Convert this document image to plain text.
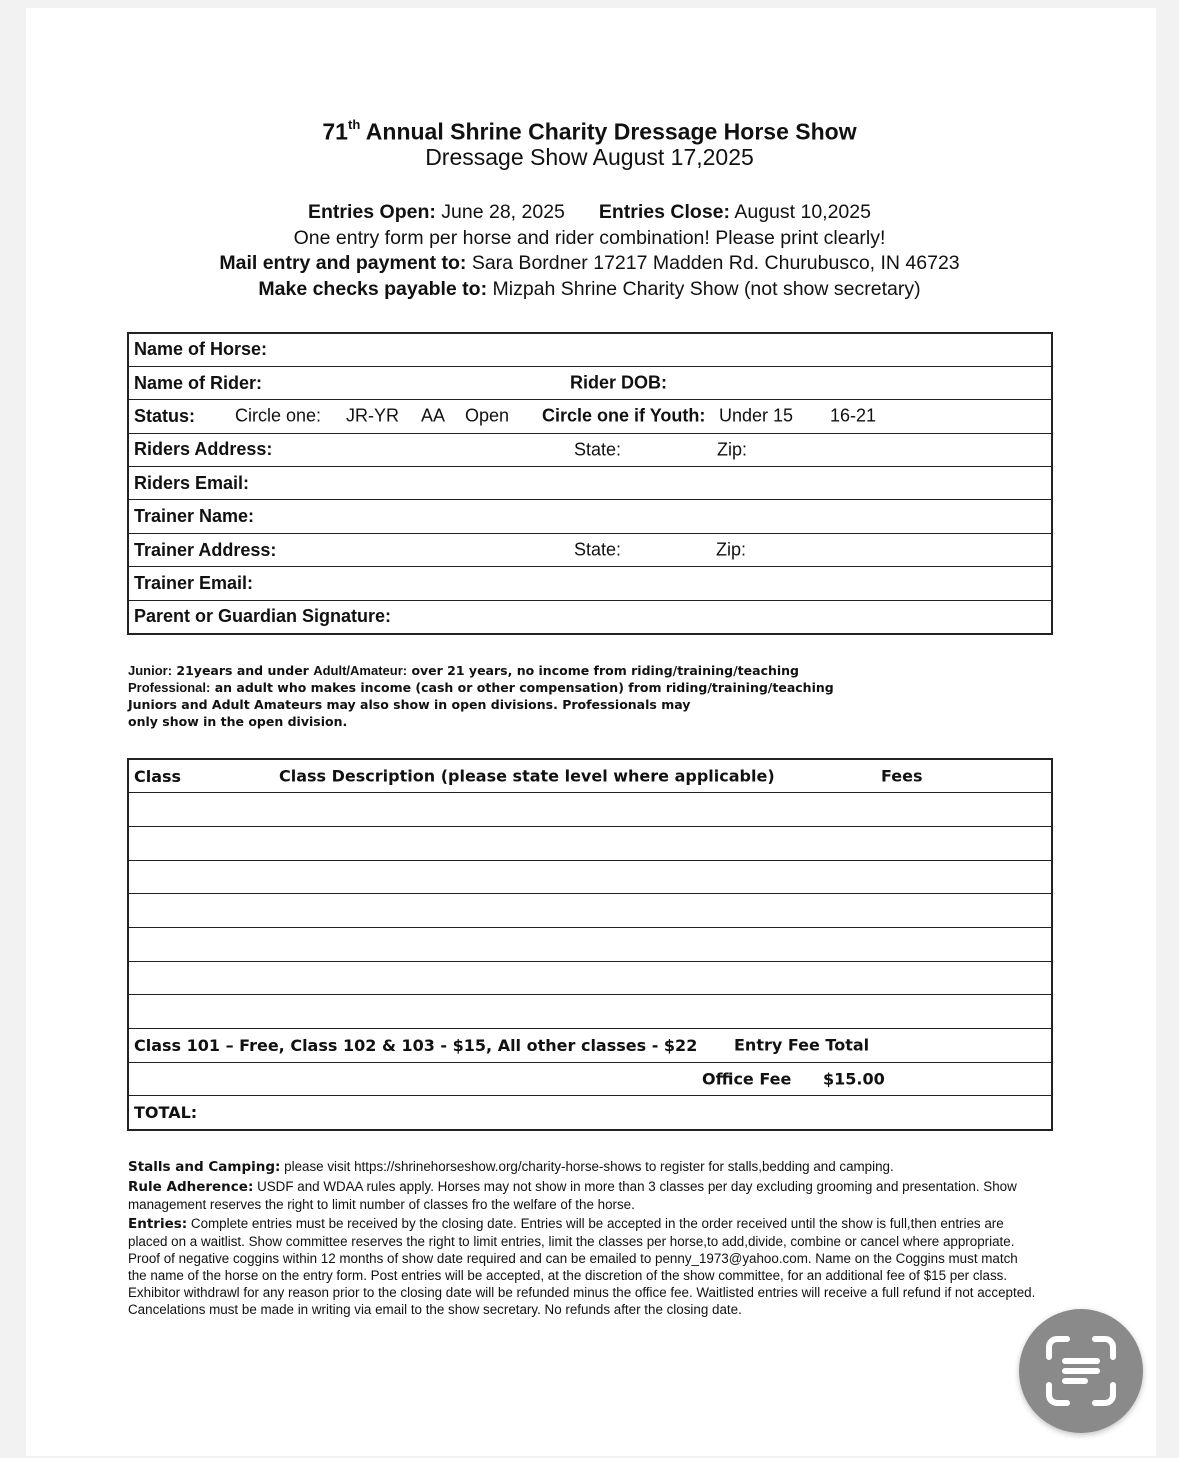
71th Annual Shrine Charity Dressage Horse Show
Dressage Show August 17,2025
Entries Open: June 28, 2025 Entries Close: August 10,2025
One entry form per horse and rider combination! Please print clearly!
Mail entry and payment to: Sara Bordner 17217 Madden Rd. Churubusco, IN 46723
Make checks payable to: Mizpah Shrine Charity Show (not show secretary)
Name of Horse:
Name of Rider:	Rider DOB:

Status: Circle one: JR-YR AA Open Circle one if Youth: Under 15 16-21

Riders Address:	State:	Zip:

Riders Email:
Trainer Name:
Trainer Address:	State:	Zip:

Trainer Email:
Parent or Guardian Signature:
Junior: 21years and under Adult/Amateur: over 21 years, no income from riding/training/teaching
Professional: an adult who makes income (cash or other compensation) from riding/training/teaching
Juniors and Adult Amateurs may also show in open divisions. Professionals may
only show in the open division.
Class	Class Description (please state level where applicable)	Fees

Class 101 – Free, Class 102 & 103 - $15, All other classes - $22 Entry Fee Total

Office Fee $15.00

TOTAL:
Stalls and Camping: please visit https://shrinehorseshow.org/charity-horse-shows to register for stalls,bedding and camping.
Rule Adherence: USDF and WDAA rules apply. Horses may not show in more than 3 classes per day excluding grooming and presentation. Show management reserves the right to limit number of classes fro the welfare of the horse.
Entries: Complete entries must be received by the closing date. Entries will be accepted in the order received until the show is full,then entries are placed on a waitlist. Show committee reserves the right to limit entries, limit the classes per horse,to add,divide, combine or cancel where appropriate. Proof of negative coggins within 12 months of show date required and can be emailed to penny_1973@yahoo.com. Name on the Coggins must match the name of the horse on the entry form. Post entries will be accepted, at the discretion of the show committee, for an additional fee of $15 per class. Exhibitor withdrawl for any reason prior to the closing date will be refunded minus the office fee. Waitlisted entries will receive a full refund if not accepted. Cancelations must be made in writing via email to the show secretary. No refunds after the closing date.
